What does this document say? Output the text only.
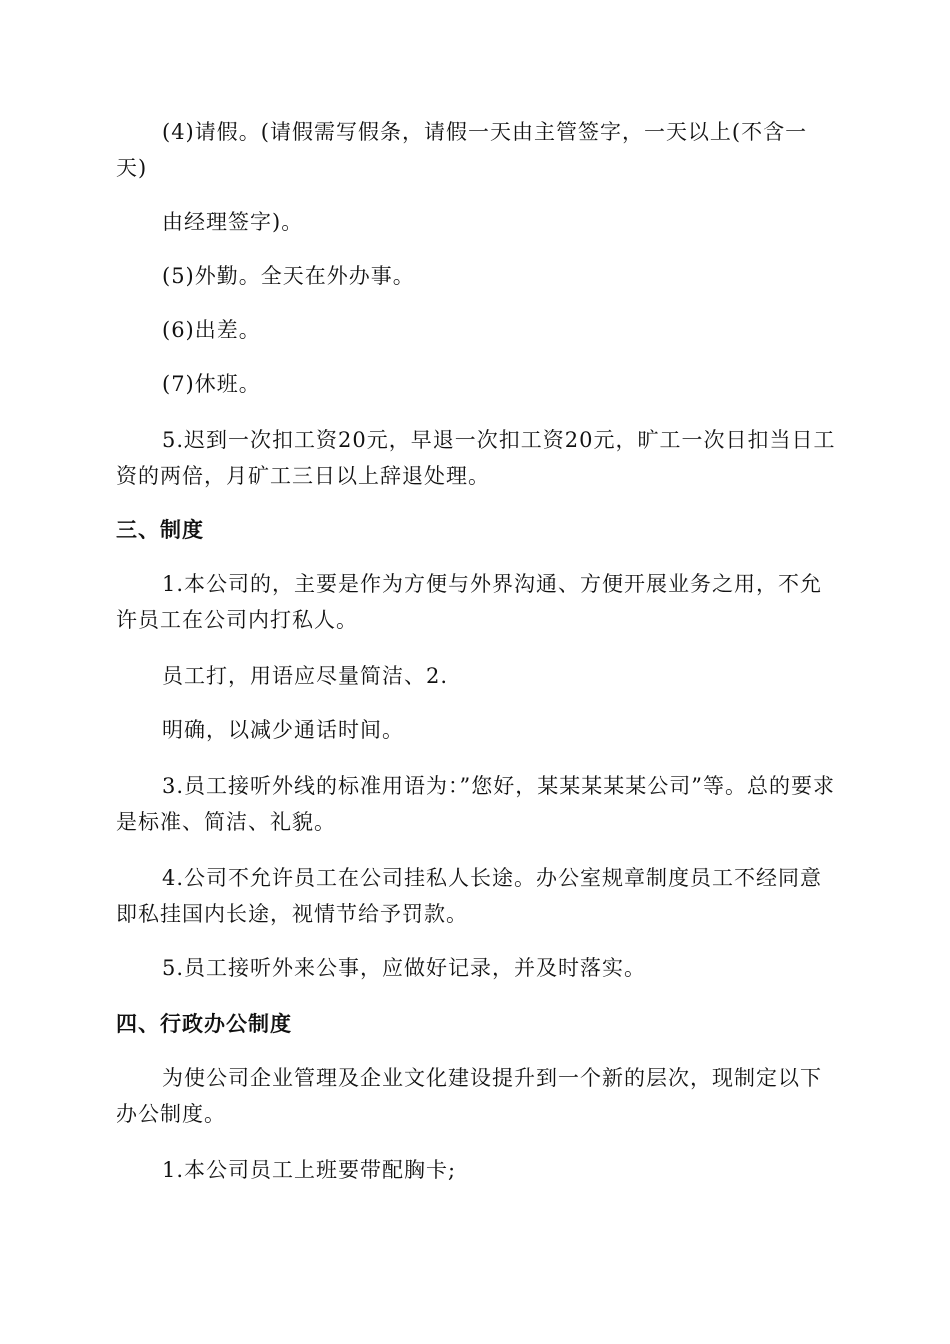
(4)请假。(请假需写假条，请假一天由主管签字，一天以上(不含一天)

由经理签字)。

(5)外勤。全天在外办事。

(6)出差。

(7)休班。

5.迟到一次扣工资20元，早退一次扣工资20元，旷工一次日扣当日工资的两倍，月矿工三日以上辞退处理。

三、制度

1.本公司的，主要是作为方便与外界沟通、方便开展业务之用，不允许员工在公司内打私人。

员工打，用语应尽量简洁、2.

明确，以减少通话时间。

3.员工接听外线的标准用语为：”您好，某某某某某公司”等。总的要求是标准、简洁、礼貌。

4.公司不允许员工在公司挂私人长途。办公室规章制度员工不经同意即私挂国内长途，视情节给予罚款。

5.员工接听外来公事，应做好记录，并及时落实。

四、行政办公制度

为使公司企业管理及企业文化建设提升到一个新的层次，现制定以下办公制度。

1.本公司员工上班要带配胸卡;
